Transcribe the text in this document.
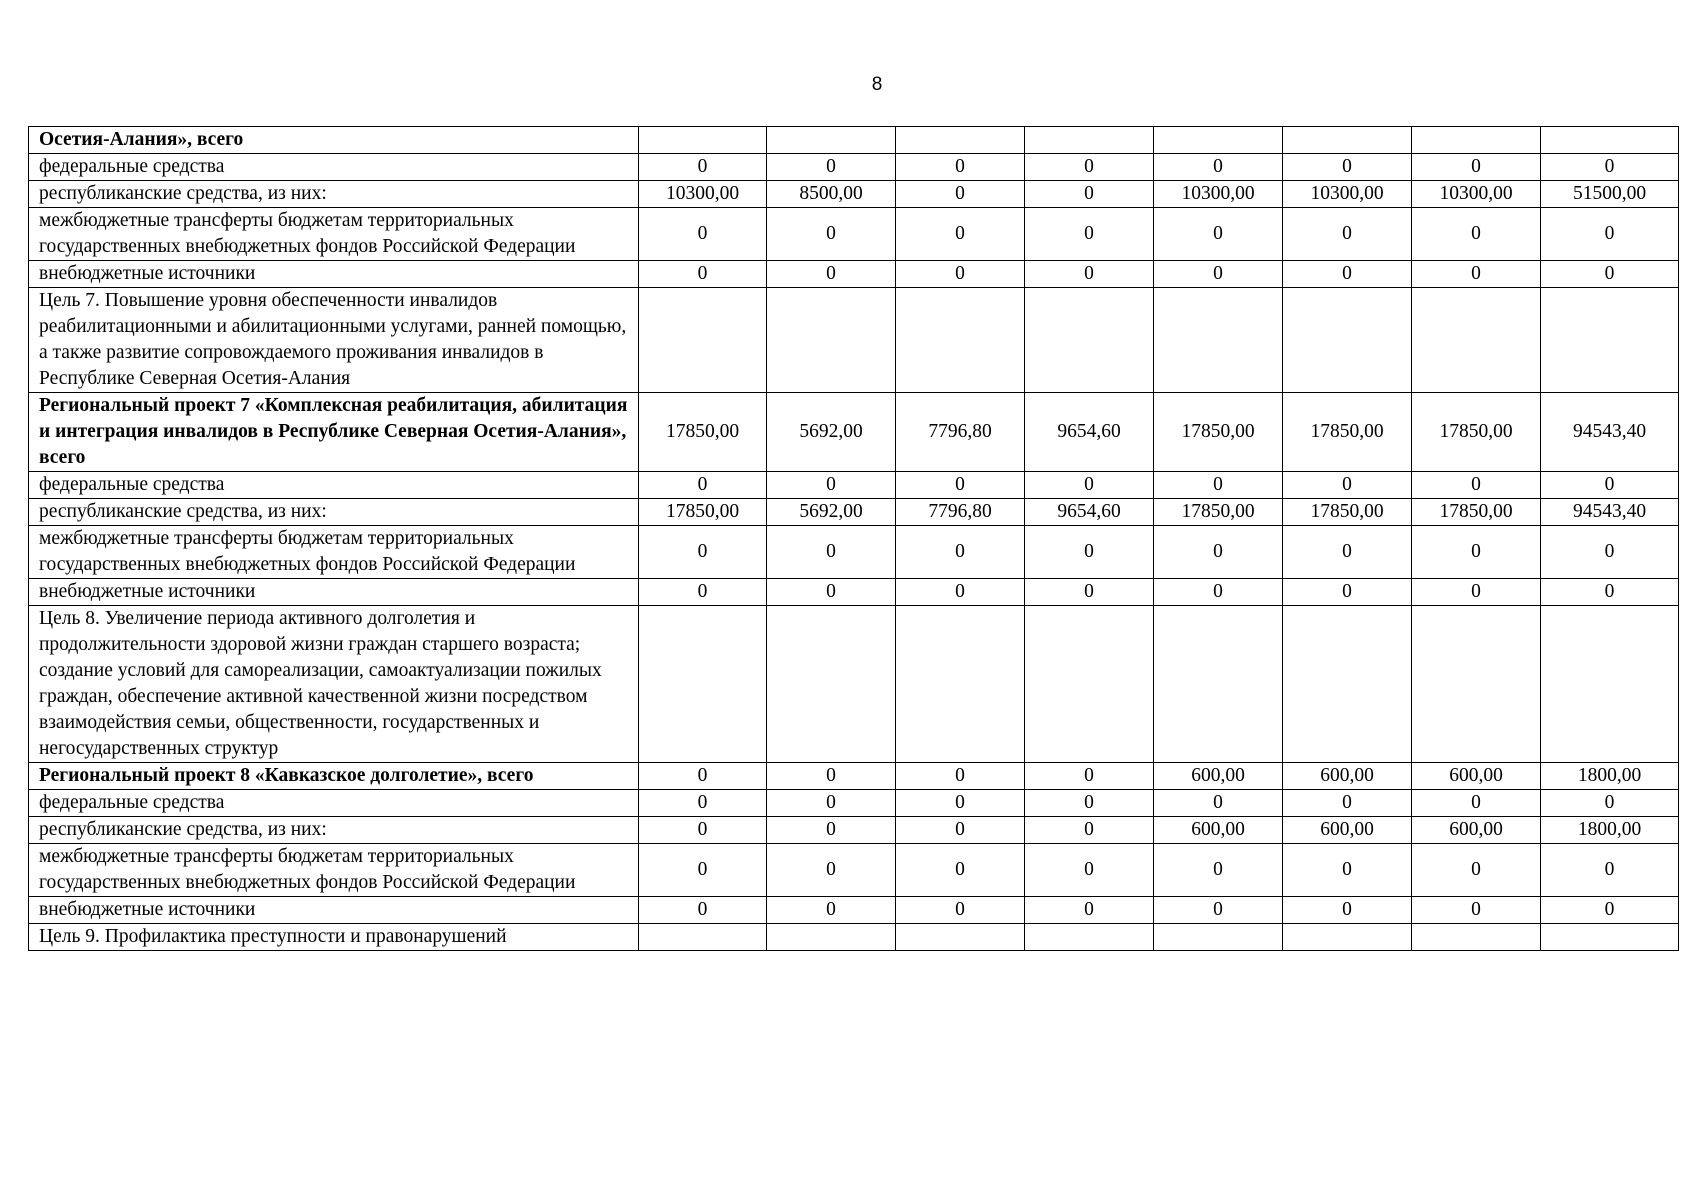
8
Осетия-Алания», всего								
федеральные средства	0	0	0	0	0	0	0	0
республиканские средства, из них:	10300,00	8500,00	0	0	10300,00	10300,00	10300,00	51500,00
межбюджетные трансферты бюджетам территориальных государственных внебюджетных фондов Российской Федерации	0	0	0	0	0	0	0	0
внебюджетные источники	0	0	0	0	0	0	0	0
Цель 7. Повышение уровня обеспеченности инвалидов реабилитационными и абилитационными услугами, ранней помощью, а также развитие сопровождаемого проживания инвалидов в Республике Северная Осетия-Алания								
Региональный проект 7 «Комплексная реабилитация, абилитация и интеграция инвалидов в Республике Северная Осетия-Алания», всего	17850,00	5692,00	7796,80	9654,60	17850,00	17850,00	17850,00	94543,40
федеральные средства	0	0	0	0	0	0	0	0
республиканские средства, из них:	17850,00	5692,00	7796,80	9654,60	17850,00	17850,00	17850,00	94543,40
межбюджетные трансферты бюджетам территориальных государственных внебюджетных фондов Российской Федерации	0	0	0	0	0	0	0	0
внебюджетные источники	0	0	0	0	0	0	0	0
Цель 8. Увеличение периода активного долголетия и продолжительности здоровой жизни граждан старшего возраста; создание условий для самореализации, самоактуализации пожилых граждан, обеспечение активной качественной жизни посредством взаимодействия семьи, общественности, государственных и негосударственных структур								
Региональный проект 8 «Кавказское долголетие», всего	0	0	0	0	600,00	600,00	600,00	1800,00
федеральные средства	0	0	0	0	0	0	0	0
республиканские средства, из них:	0	0	0	0	600,00	600,00	600,00	1800,00
межбюджетные трансферты бюджетам территориальных государственных внебюджетных фондов Российской Федерации	0	0	0	0	0	0	0	0
внебюджетные источники	0	0	0	0	0	0	0	0
Цель 9. Профилактика преступности и правонарушений								
